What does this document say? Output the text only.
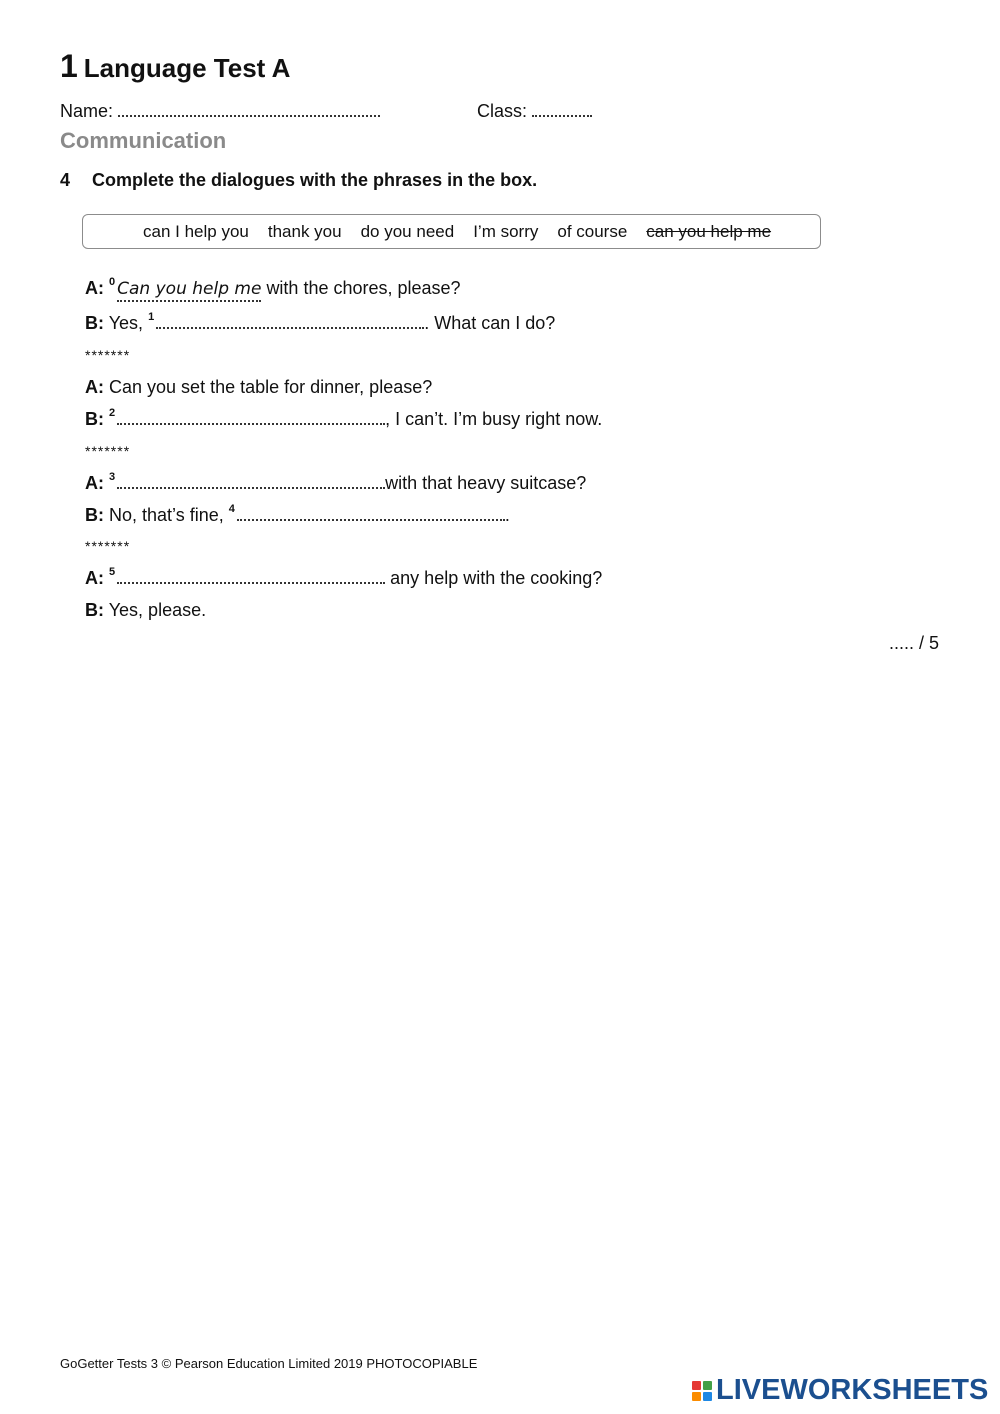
1 Language Test A
Name:	Class:
Communication
4 Complete the dialogues with the phrases in the box.
can I help you thank you do you need I’m sorry of course can you help me
A: $^0$ Can you help me with the chores, please?
B: Yes, $^1$	. What can I do?
*******
A: Can you set the table for dinner, please?
B: $^2$	, I can’t. I’m busy right now.
*******
A: $^3$	with that heavy suitcase?
B: No, that’s fine, $^4$	.
*******
A: $^5$	any help with the cooking?
B: Yes, please.
..... / 5
GoGetter Tests 3 © Pearson Education Limited 2019 PHOTOCOPIABLE
LIVEWORKSHEETS
